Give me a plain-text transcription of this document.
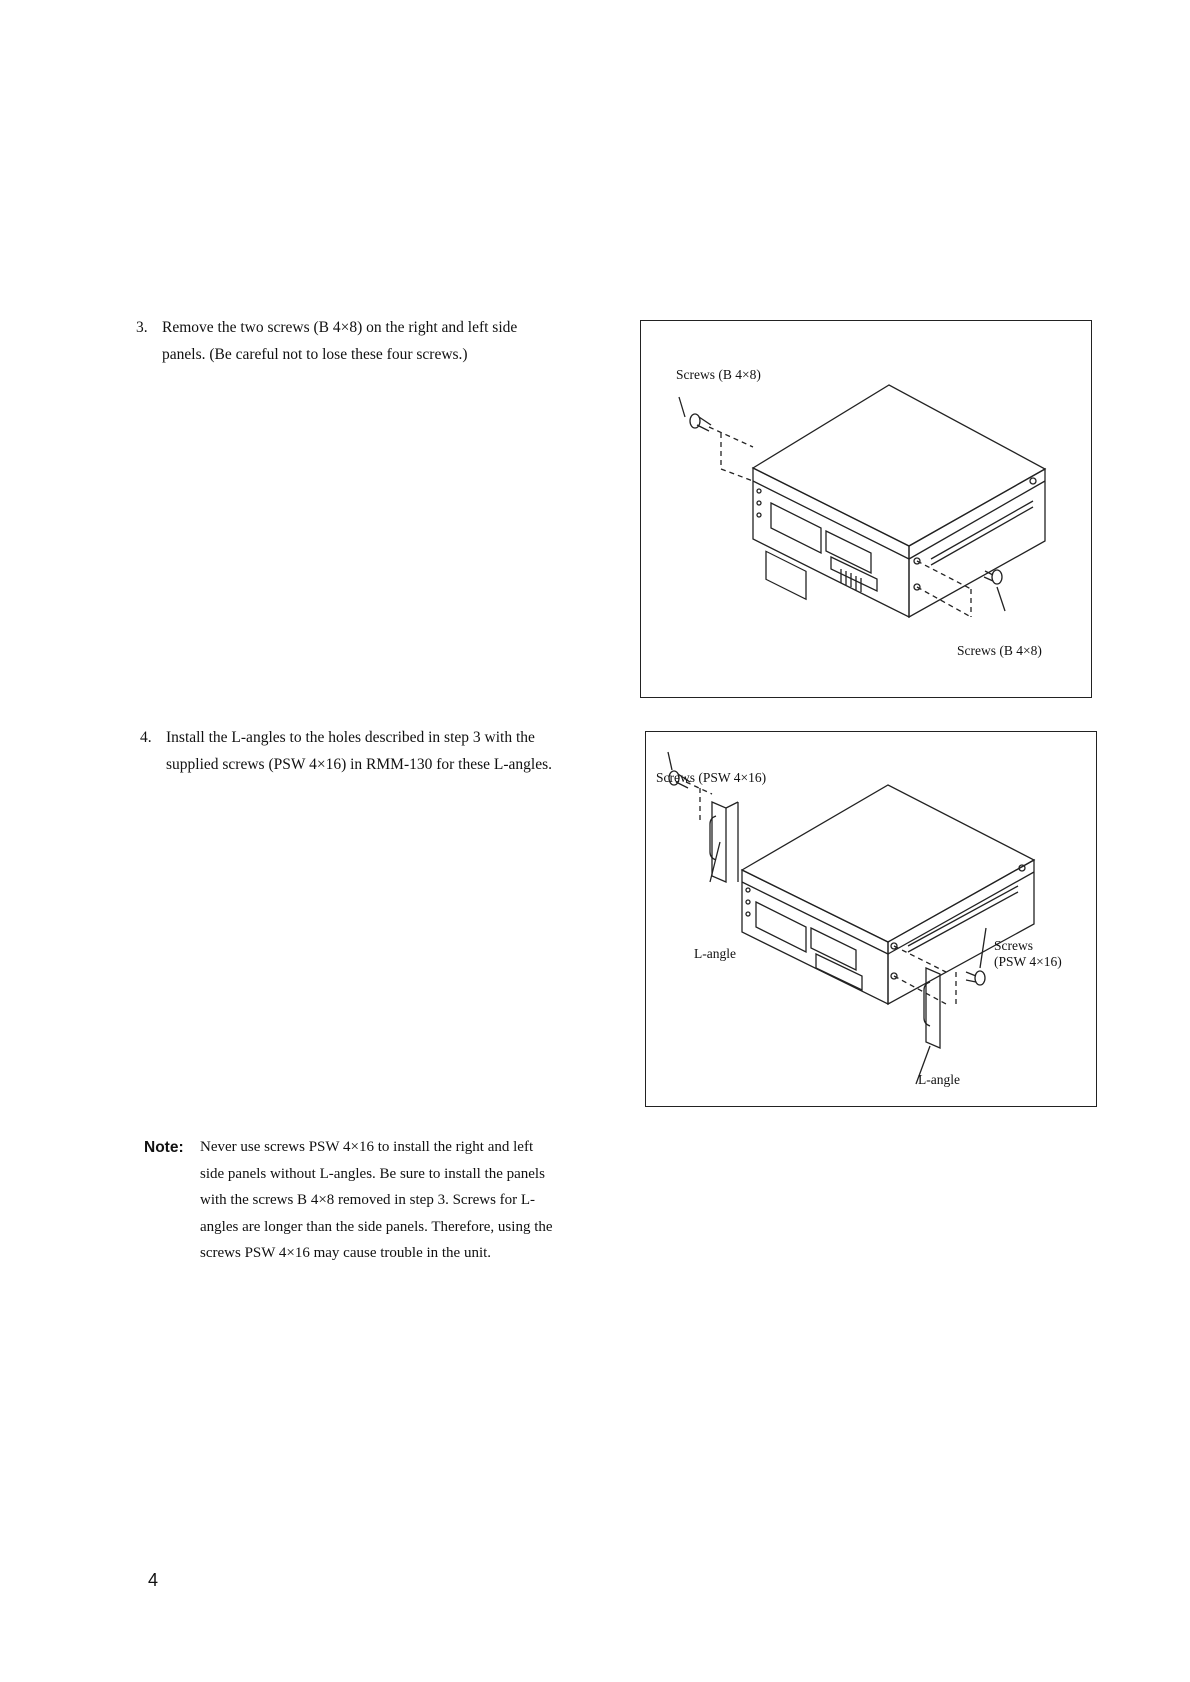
3. Remove the two screws (B 4×8) on the right and left side
panels. (Be careful not to lose these four screws.)
Screws (B 4×8)
Screws (B 4×8)
4. Install the L-angles to the holes described in step 3 with the
supplied screws (PSW 4×16) in RMM-130 for these L-angles.
Screws (PSW 4×16)
L-angle
Screws
(PSW 4×16)
L-angle
Note: Never use screws PSW 4×16 to install the right and left
side panels without L-angles. Be sure to install the panels
with the screws B 4×8 removed in step 3. Screws for L-
angles are longer than the side panels. Therefore, using the
screws PSW 4×16 may cause trouble in the unit.
4
